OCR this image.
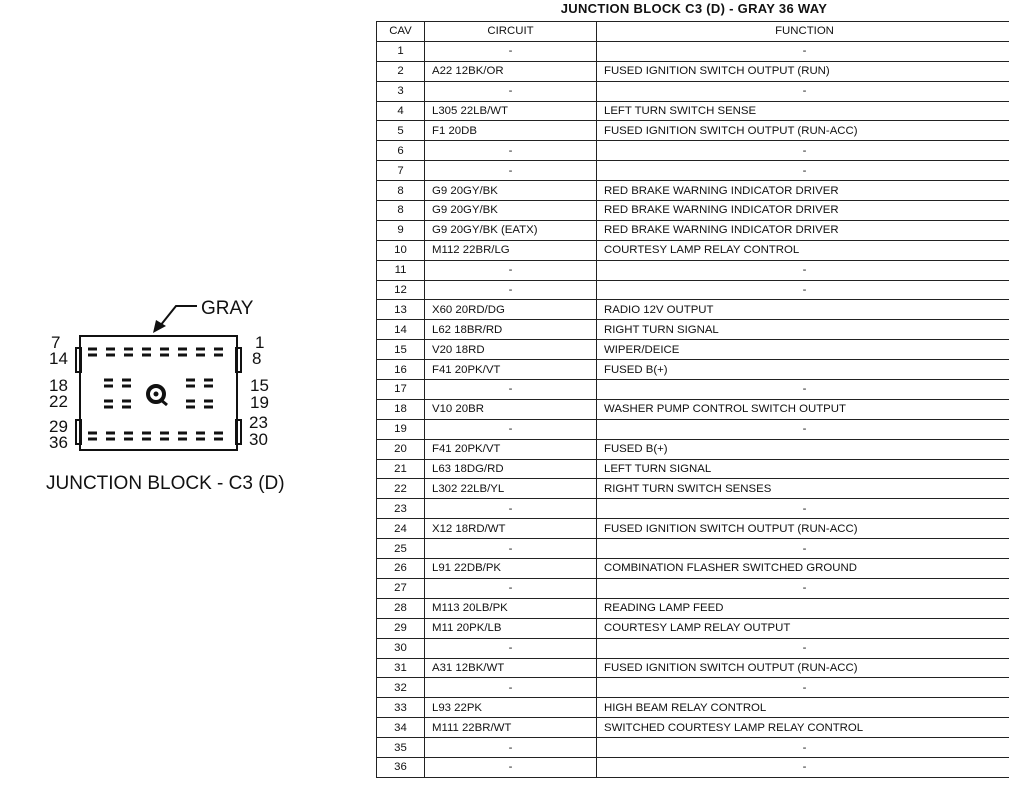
GRAY
7	1
14	8
18	15
22	19
29	23
36	30
JUNCTION BLOCK - C3 (D)
JUNCTION BLOCK C3 (D) - GRAY 36 WAY
CAV	CIRCUIT	FUNCTION
1	-	-
2	A22 12BK/OR	FUSED IGNITION SWITCH OUTPUT (RUN)
3	-	-
4	L305 22LB/WT	LEFT TURN SWITCH SENSE
5	F1 20DB	FUSED IGNITION SWITCH OUTPUT (RUN-ACC)
6	-	-
7	-	-
8	G9 20GY/BK	RED BRAKE WARNING INDICATOR DRIVER
8	G9 20GY/BK	RED BRAKE WARNING INDICATOR DRIVER
9	G9 20GY/BK (EATX)	RED BRAKE WARNING INDICATOR DRIVER
10	M112 22BR/LG	COURTESY LAMP RELAY CONTROL
11	-	-
12	-	-
13	X60 20RD/DG	RADIO 12V OUTPUT
14	L62 18BR/RD	RIGHT TURN SIGNAL
15	V20 18RD	WIPER/DEICE
16	F41 20PK/VT	FUSED B(+)
17	-	-
18	V10 20BR	WASHER PUMP CONTROL SWITCH OUTPUT
19	-	-
20	F41 20PK/VT	FUSED B(+)
21	L63 18DG/RD	LEFT TURN SIGNAL
22	L302 22LB/YL	RIGHT TURN SWITCH SENSES
23	-	-
24	X12 18RD/WT	FUSED IGNITION SWITCH OUTPUT (RUN-ACC)
25	-	-
26	L91 22DB/PK	COMBINATION FLASHER SWITCHED GROUND
27	-	-
28	M113 20LB/PK	READING LAMP FEED
29	M11 20PK/LB	COURTESY LAMP RELAY OUTPUT
30	-	-
31	A31 12BK/WT	FUSED IGNITION SWITCH OUTPUT (RUN-ACC)
32	-	-
33	L93 22PK	HIGH BEAM RELAY CONTROL
34	M111 22BR/WT	SWITCHED COURTESY LAMP RELAY CONTROL
35	-	-
36	-	-
